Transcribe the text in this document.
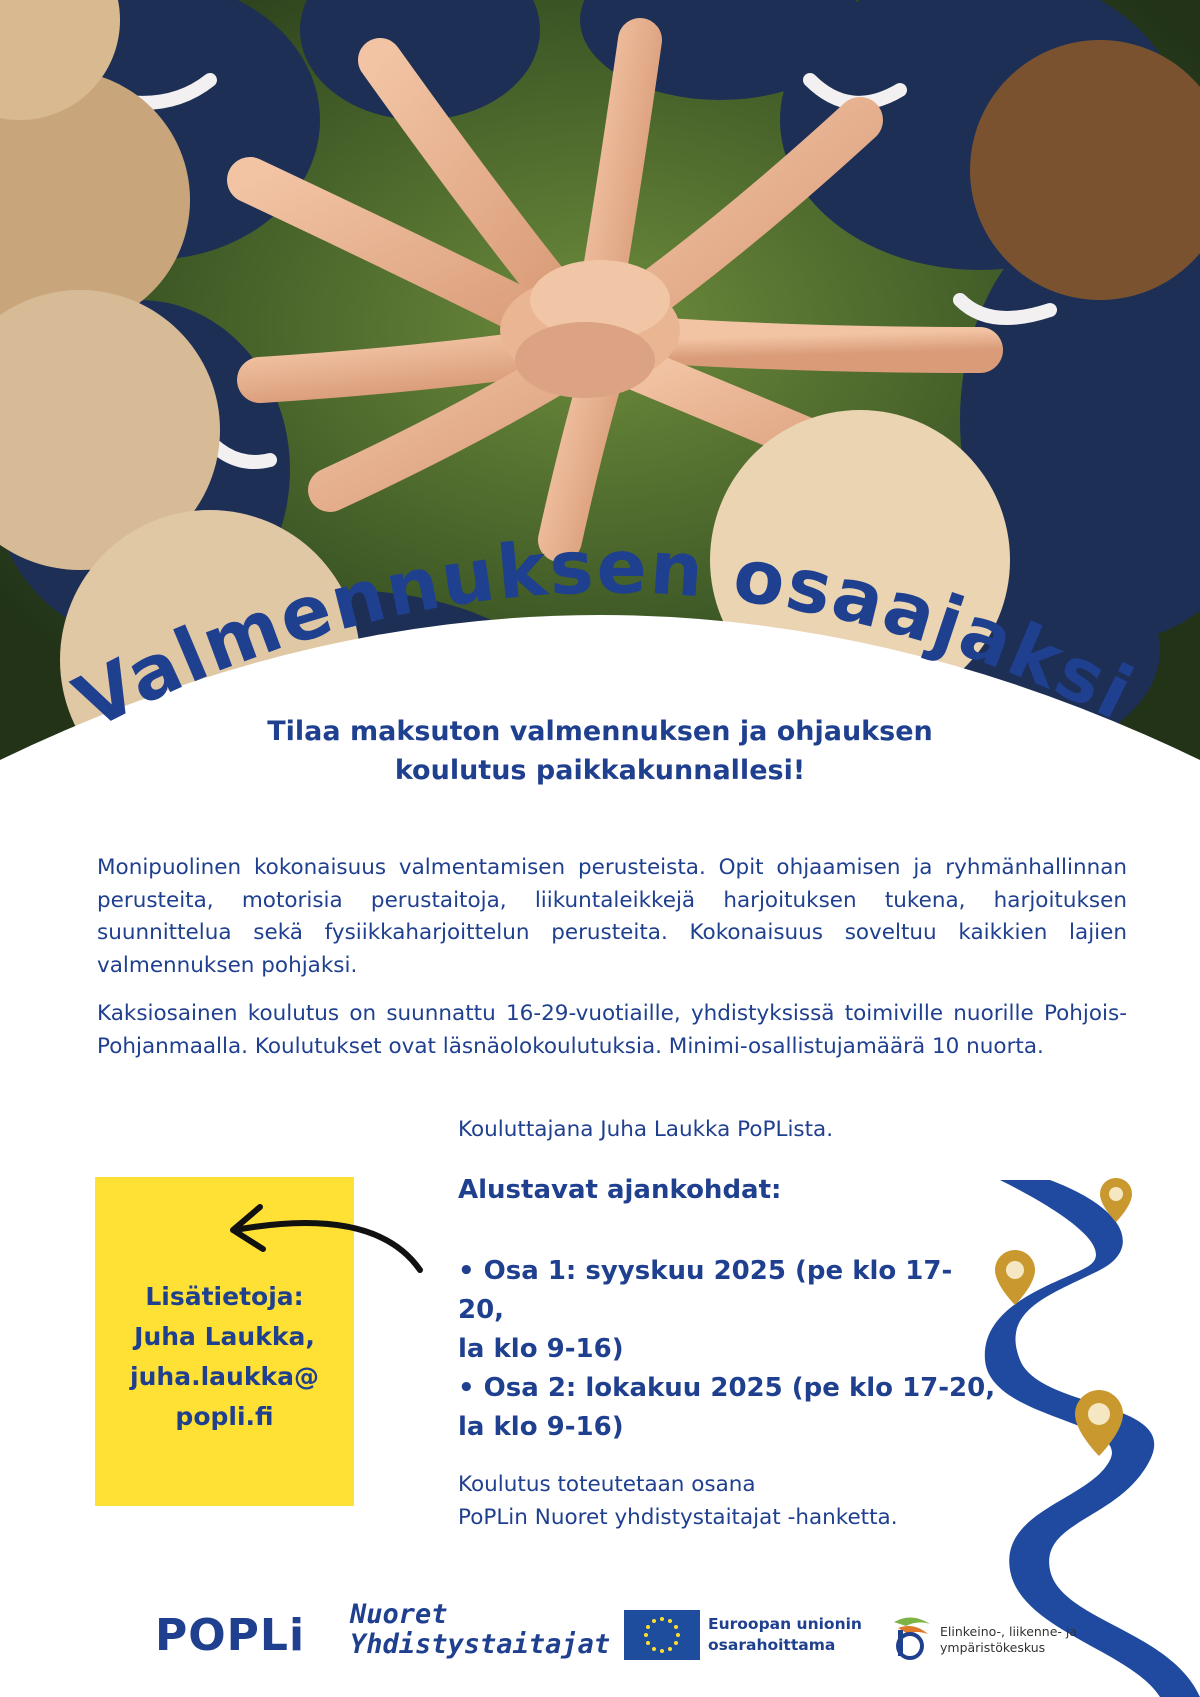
Valmennuksen osaajaksi
Tilaa maksuton valmennuksen ja ohjauksen
koulutus paikkakunnallesi!

Monipuolinen kokonaisuus valmentamisen perusteista. Opit ohjaamisen ja ryhmänhallinnan perusteita, motorisia perustaitoja, liikuntaleikkejä harjoituksen tukena, harjoituksen suunnittelua sekä fysiikkaharjoittelun perusteita. Kokonaisuus soveltuu kaikkien lajien valmennuksen pohjaksi.

Kaksiosainen koulutus on suunnattu 16-29-vuotiaille, yhdistyksissä toimiville nuorille Pohjois-Pohjanmaalla. Koulutukset ovat läsnäolokoulutuksia. Minimi-osallistujamäärä 10 nuorta.

Kouluttajana Juha Laukka PoPLista.

Alustavat ajankohdat:

• Osa 1: syyskuu 2025 (pe klo 17-20,
la klo 9-16)
• Osa 2: lokakuu 2025 (pe klo 17-20,
la klo 9-16)
Lisätietoja:
Juha Laukka,
juha.laukka@
popli.fi

Koulutus toteutetaan osana
PoPLin Nuoret yhdistystaitajat -hanketta.

POPLi Nuoret
Yhdistystaitajat
Euroopan unionin
osarahoittama
Elinkeino-, liikenne- ja
ympäristökeskus
